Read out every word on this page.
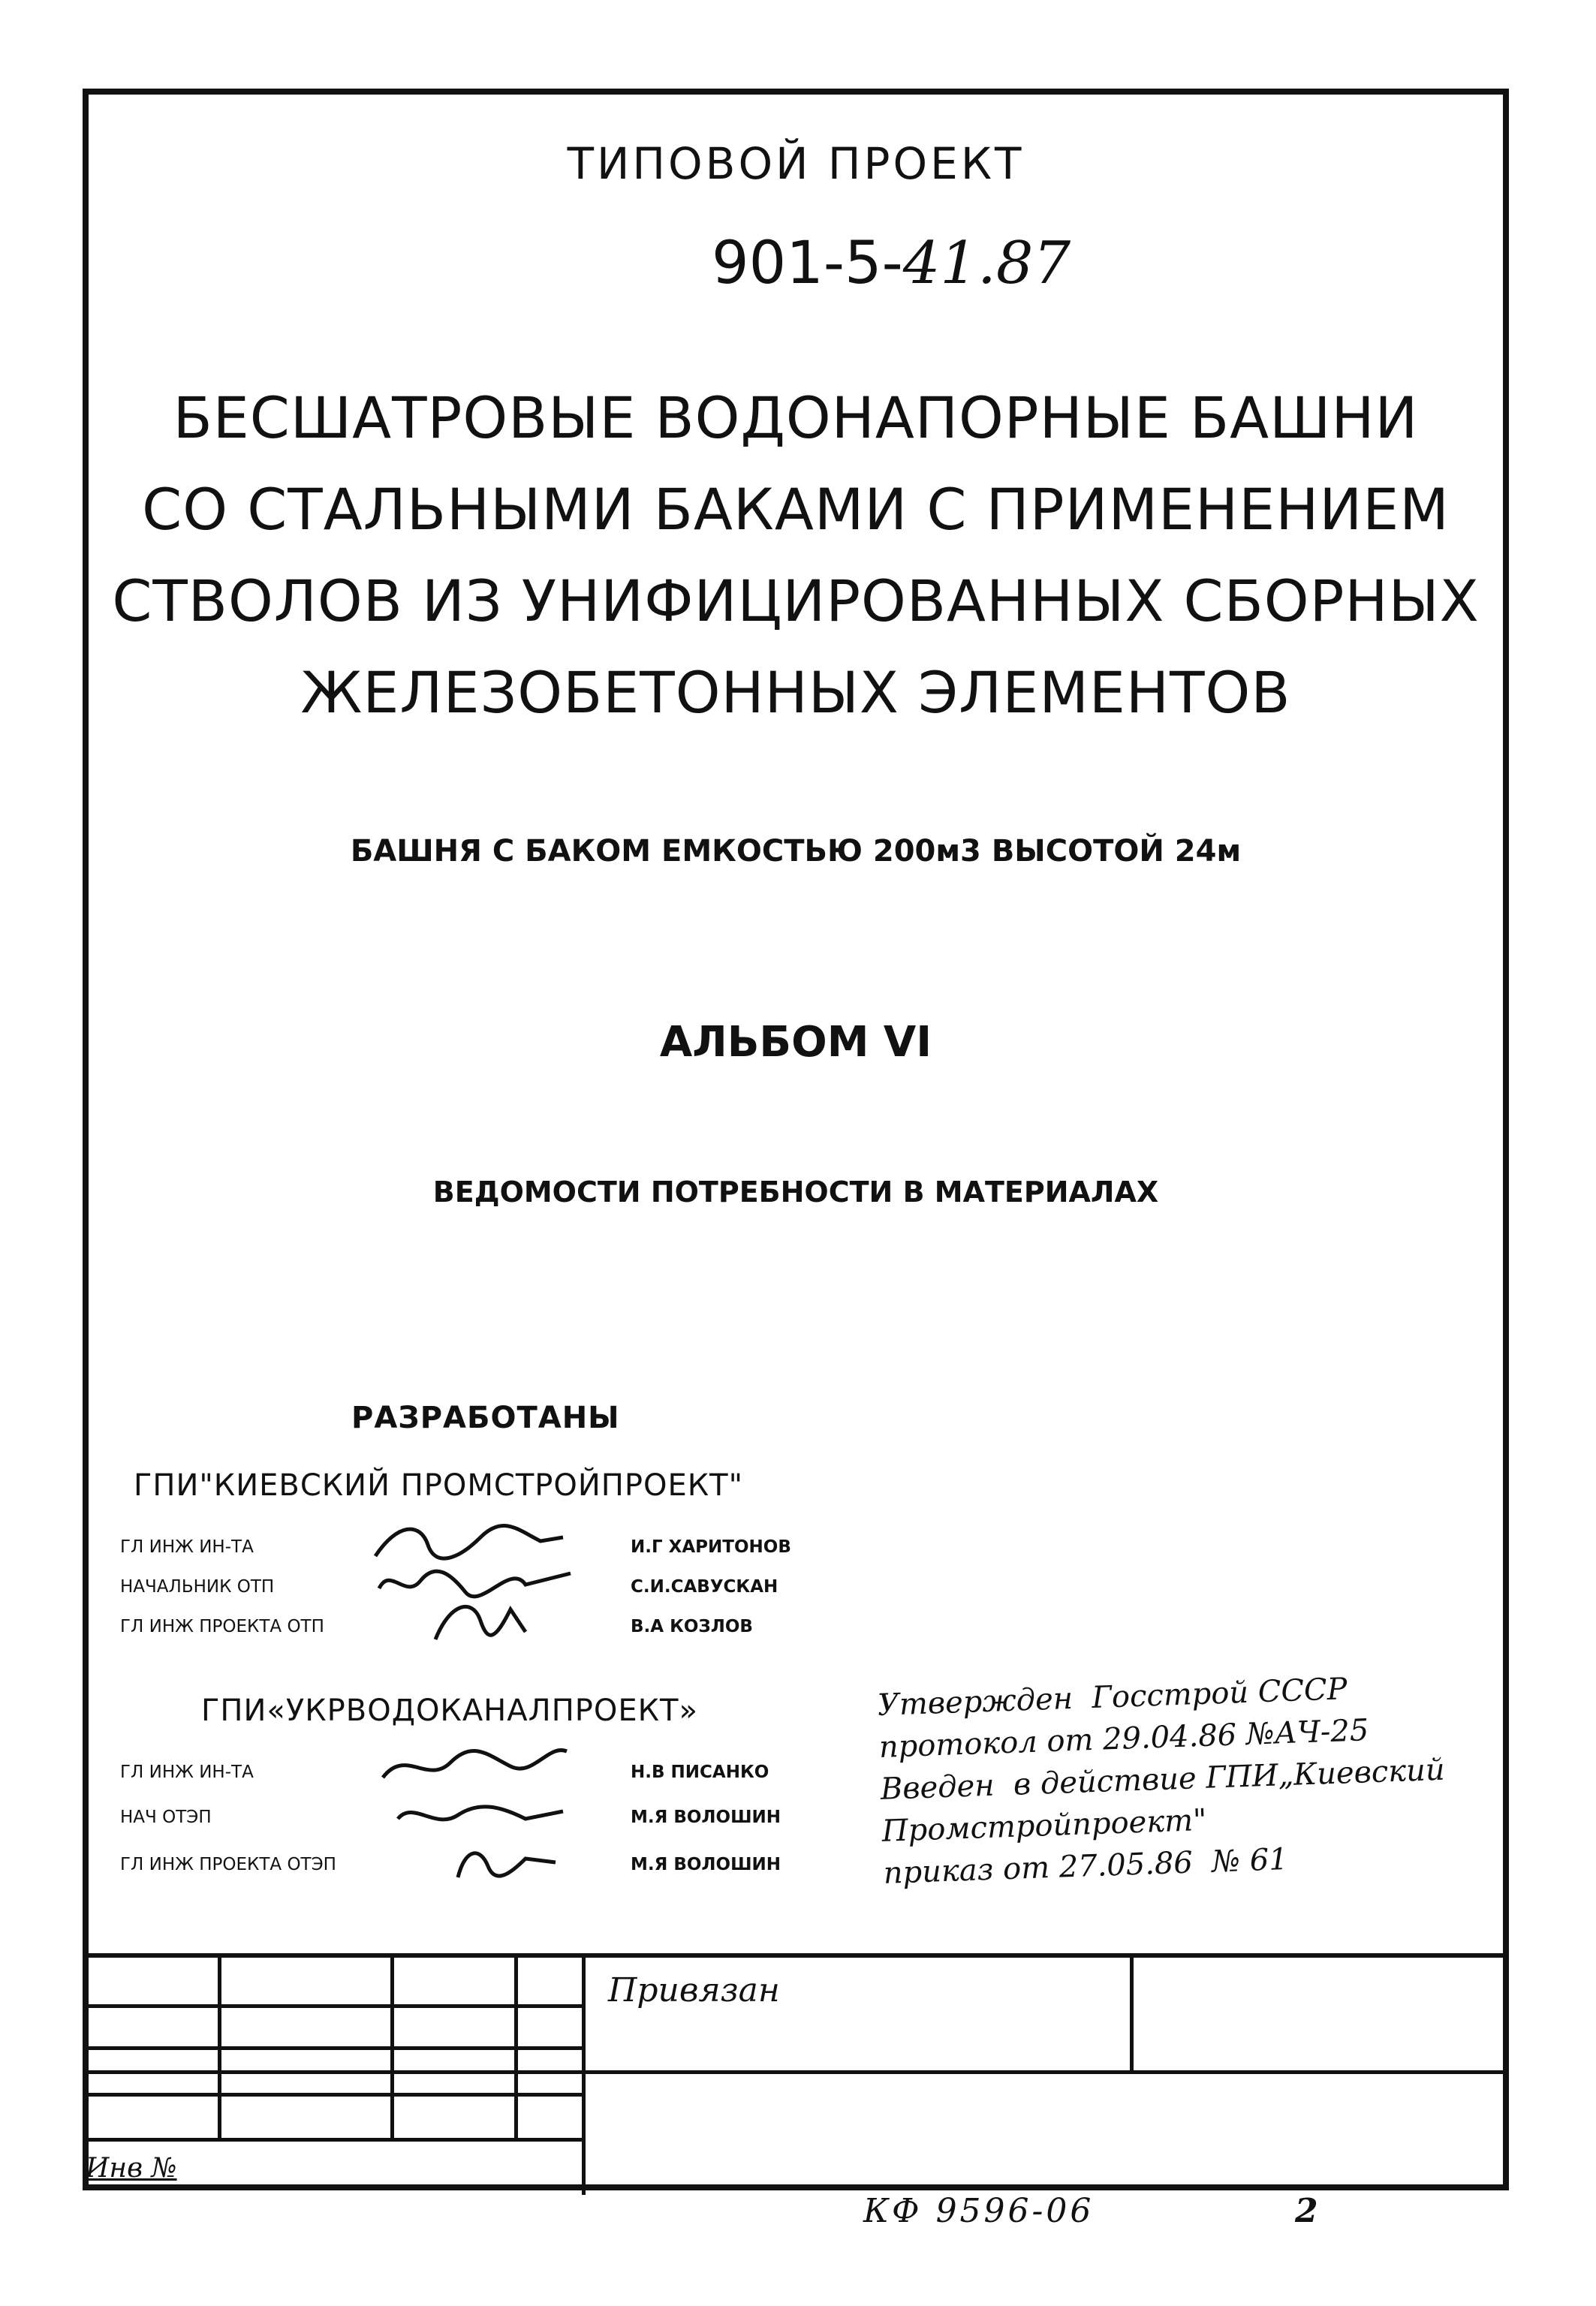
ТИПОВОЙ ПРОЕКТ
901-5-41.87
БЕСШАТРОВЫЕ ВОДОНАПОРНЫЕ БАШНИ
СО СТАЛЬНЫМИ БАКАМИ С ПРИМЕНЕНИЕМ
СТВОЛОВ ИЗ УНИФИЦИРОВАННЫХ СБОРНЫХ
ЖЕЛЕЗОБЕТОННЫХ ЭЛЕМЕНТОВ
БАШНЯ С БАКОМ ЕМКОСТЬЮ 200м3 ВЫСОТОЙ 24м
АЛЬБОМ VI
ВЕДОМОСТИ ПОТРЕБНОСТИ В МАТЕРИАЛАХ
РАЗРАБОТАНЫ
ГПИ"КИЕВСКИЙ ПРОМСТРОЙПРОЕКТ"
ГЛ ИНЖ ИН-ТА	И.Г ХАРИТОНОВ
НАЧАЛЬНИК ОТП	С.И.САВУСКАН
ГЛ ИНЖ ПРОЕКТА ОТП	В.А КОЗЛОВ
ГПИ«УКРВОДОКАНАЛПРОЕКТ»
ГЛ ИНЖ ИН-ТА	Н.В ПИСАНКО
НАЧ ОТЭП	М.Я ВОЛОШИН
ГЛ ИНЖ ПРОЕКТА ОТЭП	М.Я ВОЛОШИН
Утвержден  Госстрой СССР
протокол от 29.04.86 №АЧ-25
Введен  в действие ГПИ„Киевский
Промстройпроект"
приказ от 27.05.86  № 61
Привязан
Инв №
КФ 9596-06	2
